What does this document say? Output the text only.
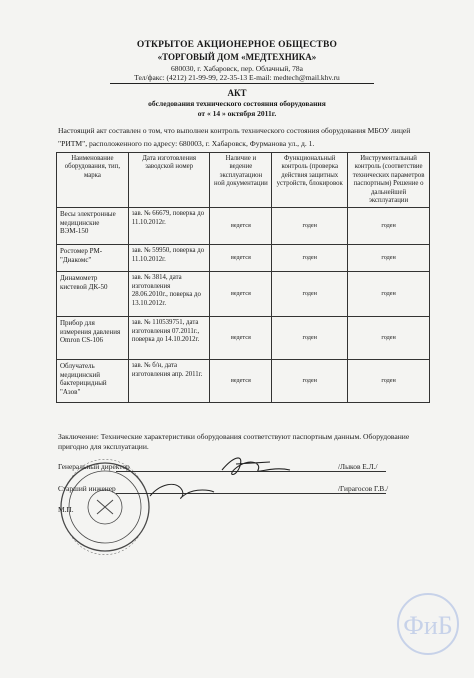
ОТКРЫТОЕ АКЦИОНЕРНОЕ ОБЩЕСТВО
«ТОРГОВЫЙ ДОМ «МЕДТЕХНИКА»
680030, г. Хабаровск, пер. Облачный, 78а
Тел/факс: (4212) 21-99-99, 22-35-13 E-mail: medtech@mail.khv.ru
АКТ
обследования технического состояния оборудования
от « 14 » октября 2011г.
Настоящий акт составлен о том, что выполнен контроль технического состояния оборудования МБОУ лицей "РИТМ", расположенного по адресу: 680003, г. Хабаровск, Фурманова ул., д. 1.
Наименование оборудования, тип, марка	Дата изготовления заводской номер	Наличие и ведение эксплуатацион ной документации	Функциональный контроль (проверка действия защитных устройств, блокировок	Инструментальный контроль (соответствие технических параметров паспортным) Решение о дальнейшей эксплуатации
Весы электронные медицинские ВЭМ-150	зав. № 66679, поверка до 11.10.2012г.	ведется	годен	годен
Ростомер РМ-"Диакомс"	зав. № 59950, поверка до 11.10.2012г.	ведется	годен	годен
Динамометр кистевой ДК-50	зав. № 3814, дата изготовления 28.06.2010г., поверка до 13.10.2012г.	ведется	годен	годен
Прибор для измерения давления Omron CS-106	зав. № 110539751, дата изготовления 07.2011г., поверка до 14.10.2012г.	ведется	годен	годен
Облучатель медицинский бактерицидный "Азов"	зав. № б/н, дата изготовления апр. 2011г.	ведется	годен	годен
Заключение: Технические характеристики оборудования соответствуют паспортным данным. Оборудование пригодно для эксплуатации.
Генеральный директор	/Лыков Е.Л./
Старший инженер	/Гирагосов Г.В./
М.П.
ФиБ
